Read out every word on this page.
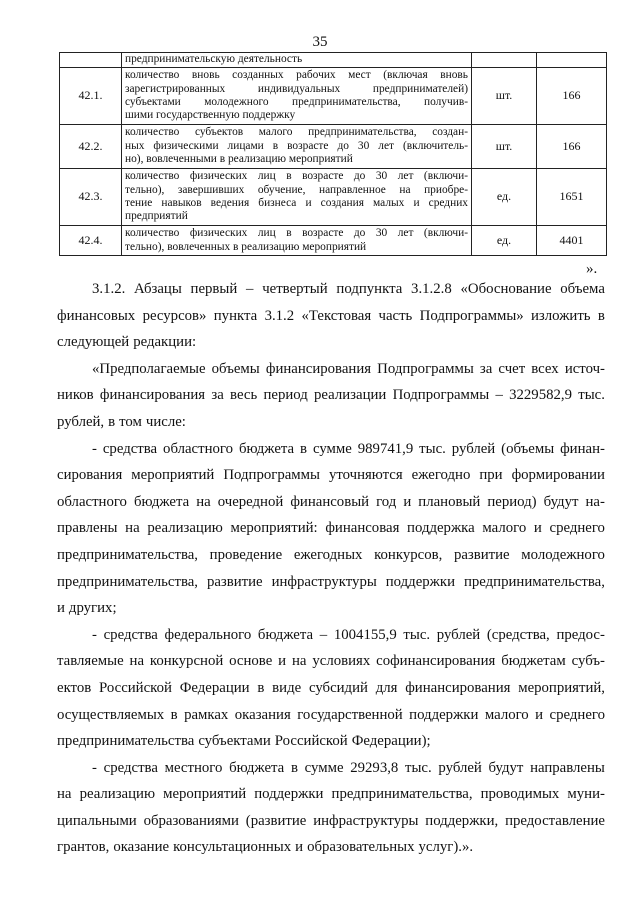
35

	предпринимательскую деятельность		

42.1.	количество вновь созданных рабочих мест (включая вновь
зарегистрированных индивидуальных предпринимателей)
субъектами молодежного предпринимательства, получив-
шими государственную поддержку	шт.	166
42.2.	количество субъектов малого предпринимательства, создан-
ных физическими лицами в возрасте до 30 лет (включитель-
но), вовлеченными в реализацию мероприятий	шт.	166
42.3.	количество физических лиц в возрасте до 30 лет (включи-
тельно), завершивших обучение, направленное на приобре-
тение навыков ведения бизнеса и создания малых и средних
предприятий	ед.	1651
42.4.	количество физических лиц в возрасте до 30 лет (включи-
тельно), вовлеченных в реализацию мероприятий	ед.	4401
».
3.1.2. Абзацы первый – четвертый подпункта 3.1.2.8 «Обоснование объема
финансовых ресурсов» пункта 3.1.2 «Текстовая часть Подпрограммы» изложить в
следующей редакции:
«Предполагаемые объемы финансирования Подпрограммы за счет всех источ-
ников финансирования за весь период реализации Подпрограммы – 3229582,9 тыс.
рублей, в том числе:
- средства областного бюджета в сумме 989741,9 тыс. рублей (объемы финан-
сирования мероприятий Подпрограммы уточняются ежегодно при формировании
областного бюджета на очередной финансовый год и плановый период) будут на-
правлены на реализацию мероприятий: финансовая поддержка малого и среднего
предпринимательства, проведение ежегодных конкурсов, развитие молодежного
предпринимательства, развитие инфраструктуры поддержки предпринимательства,
и других;
- средства федерального бюджета – 1004155,9 тыс. рублей (средства, предос-
тавляемые на конкурсной основе и на условиях софинансирования бюджетам субъ-
ектов Российской Федерации в виде субсидий для финансирования мероприятий,
осуществляемых в рамках оказания государственной поддержки малого и среднего
предпринимательства субъектами Российской Федерации);
- средства местного бюджета в сумме 29293,8 тыс. рублей будут направлены
на реализацию мероприятий поддержки предпринимательства, проводимых муни-
ципальными образованиями (развитие инфраструктуры поддержки, предоставление
грантов, оказание консультационных и образовательных услуг).».
